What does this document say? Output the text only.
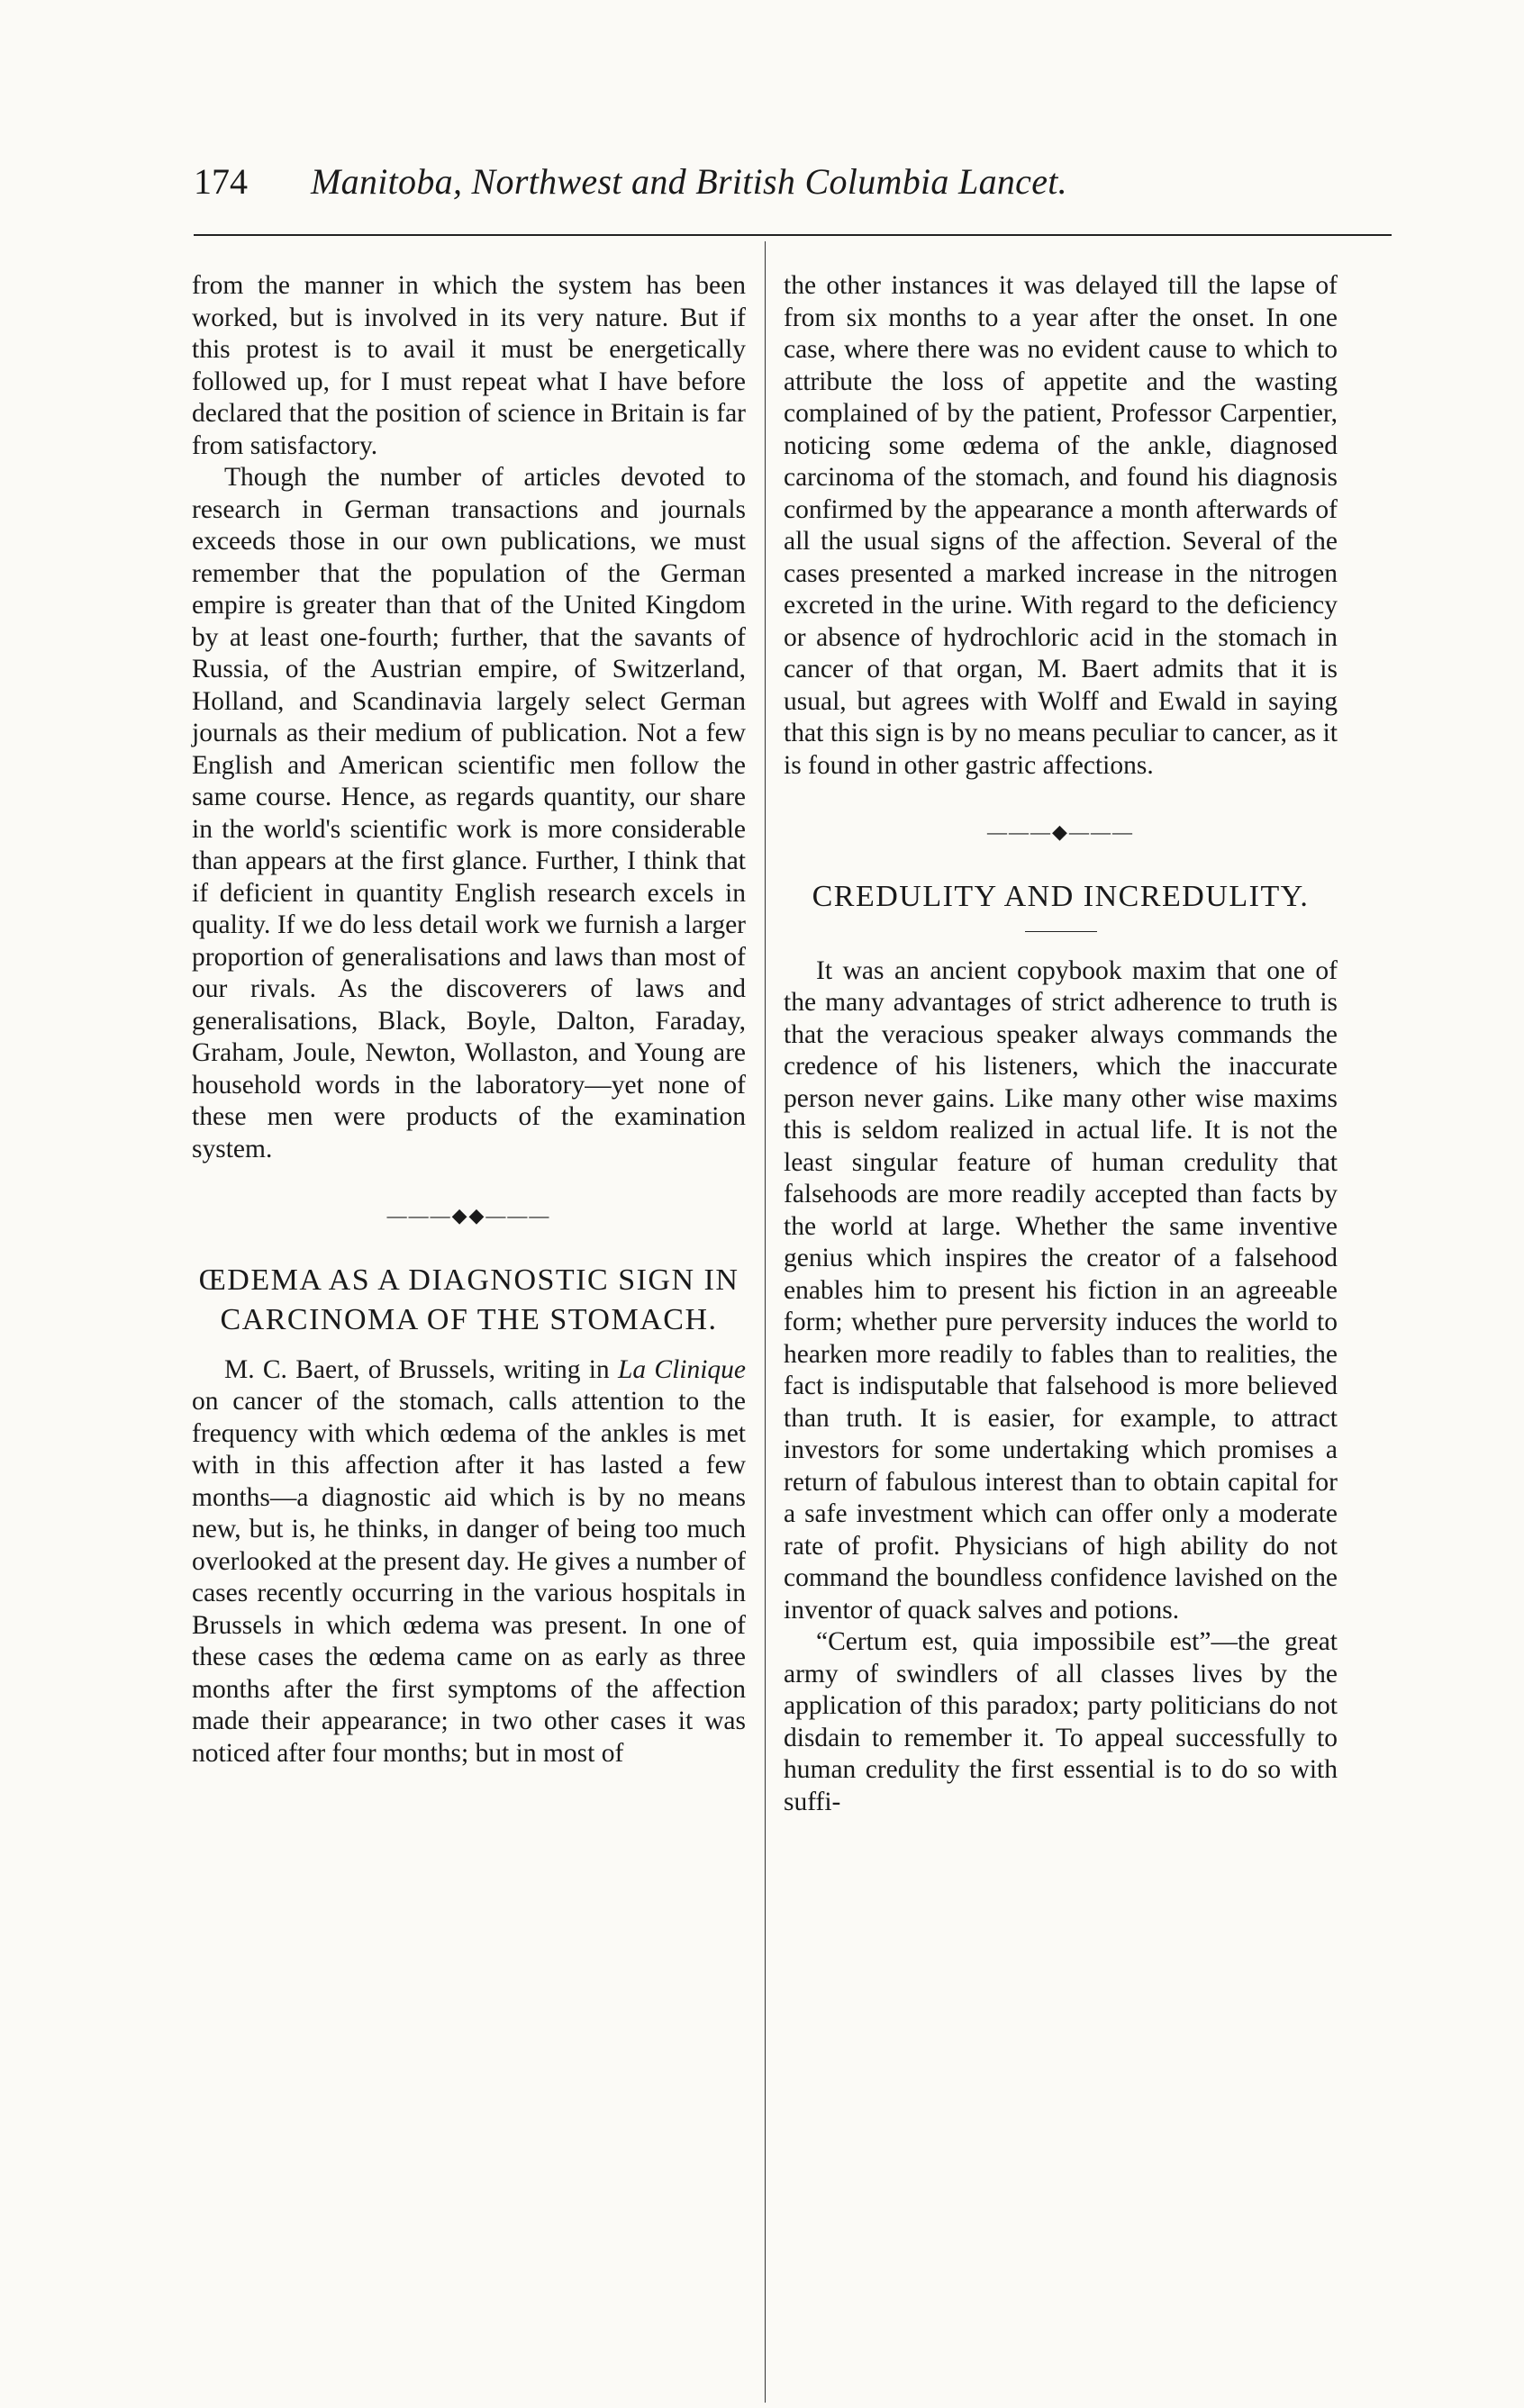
174 Manitoba, Northwest and British Columbia Lancet.

from the manner in which the system has been worked, but is involved in its very nature. But if this protest is to avail it must be energetically followed up, for I must repeat what I have before declared that the position of science in Britain is far from satisfactory.

Though the number of articles devoted to research in German transactions and journals exceeds those in our own publications, we must remember that the population of the German empire is greater than that of the United Kingdom by at least one-fourth; further, that the savants of Russia, of the Austrian empire, of Switzerland, Holland, and Scandinavia largely select German journals as their medium of publication. Not a few English and American scientific men follow the same course. Hence, as regards quantity, our share in the world's scientific work is more considerable than appears at the first glance. Further, I think that if deficient in quantity English research excels in quality. If we do less detail work we furnish a larger proportion of generalisations and laws than most of our rivals. As the discoverers of laws and generalisations, Black, Boyle, Dalton, Faraday, Graham, Joule, Newton, Wollaston, and Young are household words in the laboratory—yet none of these men were products of the examination system.

———◆◆———
ŒDEMA AS A DIAGNOSTIC SIGN IN CARCINOMA OF THE STOMACH.

M. C. Baert, of Brussels, writing in La Clinique on cancer of the stomach, calls attention to the frequency with which œdema of the ankles is met with in this affection after it has lasted a few months—a diagnostic aid which is by no means new, but is, he thinks, in danger of being too much overlooked at the present day. He gives a number of cases recently occurring in the various hospitals in Brussels in which œdema was present. In one of these cases the œdema came on as early as three months after the first symptoms of the affection made their appearance; in two other cases it was noticed after four months; but in most of

the other instances it was delayed till the lapse of from six months to a year after the onset. In one case, where there was no evident cause to which to attribute the loss of appetite and the wasting complained of by the patient, Professor Carpentier, noticing some œdema of the ankle, diagnosed carcinoma of the stomach, and found his diagnosis confirmed by the appearance a month afterwards of all the usual signs of the affection. Several of the cases presented a marked increase in the nitrogen excreted in the urine. With regard to the deficiency or absence of hydrochloric acid in the stomach in cancer of that organ, M. Baert admits that it is usual, but agrees with Wolff and Ewald in saying that this sign is by no means peculiar to cancer, as it is found in other gastric affections.

———◆———
CREDULITY AND INCREDULITY.

It was an ancient copybook maxim that one of the many advantages of strict adherence to truth is that the veracious speaker always commands the credence of his listeners, which the inaccurate person never gains. Like many other wise maxims this is seldom realized in actual life. It is not the least singular feature of human credulity that falsehoods are more readily accepted than facts by the world at large. Whether the same inventive genius which inspires the creator of a falsehood enables him to present his fiction in an agreeable form; whether pure perversity induces the world to hearken more readily to fables than to realities, the fact is indisputable that falsehood is more believed than truth. It is easier, for example, to attract investors for some undertaking which promises a return of fabulous interest than to obtain capital for a safe investment which can offer only a moderate rate of profit. Physicians of high ability do not command the boundless confidence lavished on the inventor of quack salves and potions.

“Certum est, quia impossibile est”—the great army of swindlers of all classes lives by the application of this paradox; party politicians do not disdain to remember it. To appeal successfully to human credulity the first essential is to do so with suffi-
